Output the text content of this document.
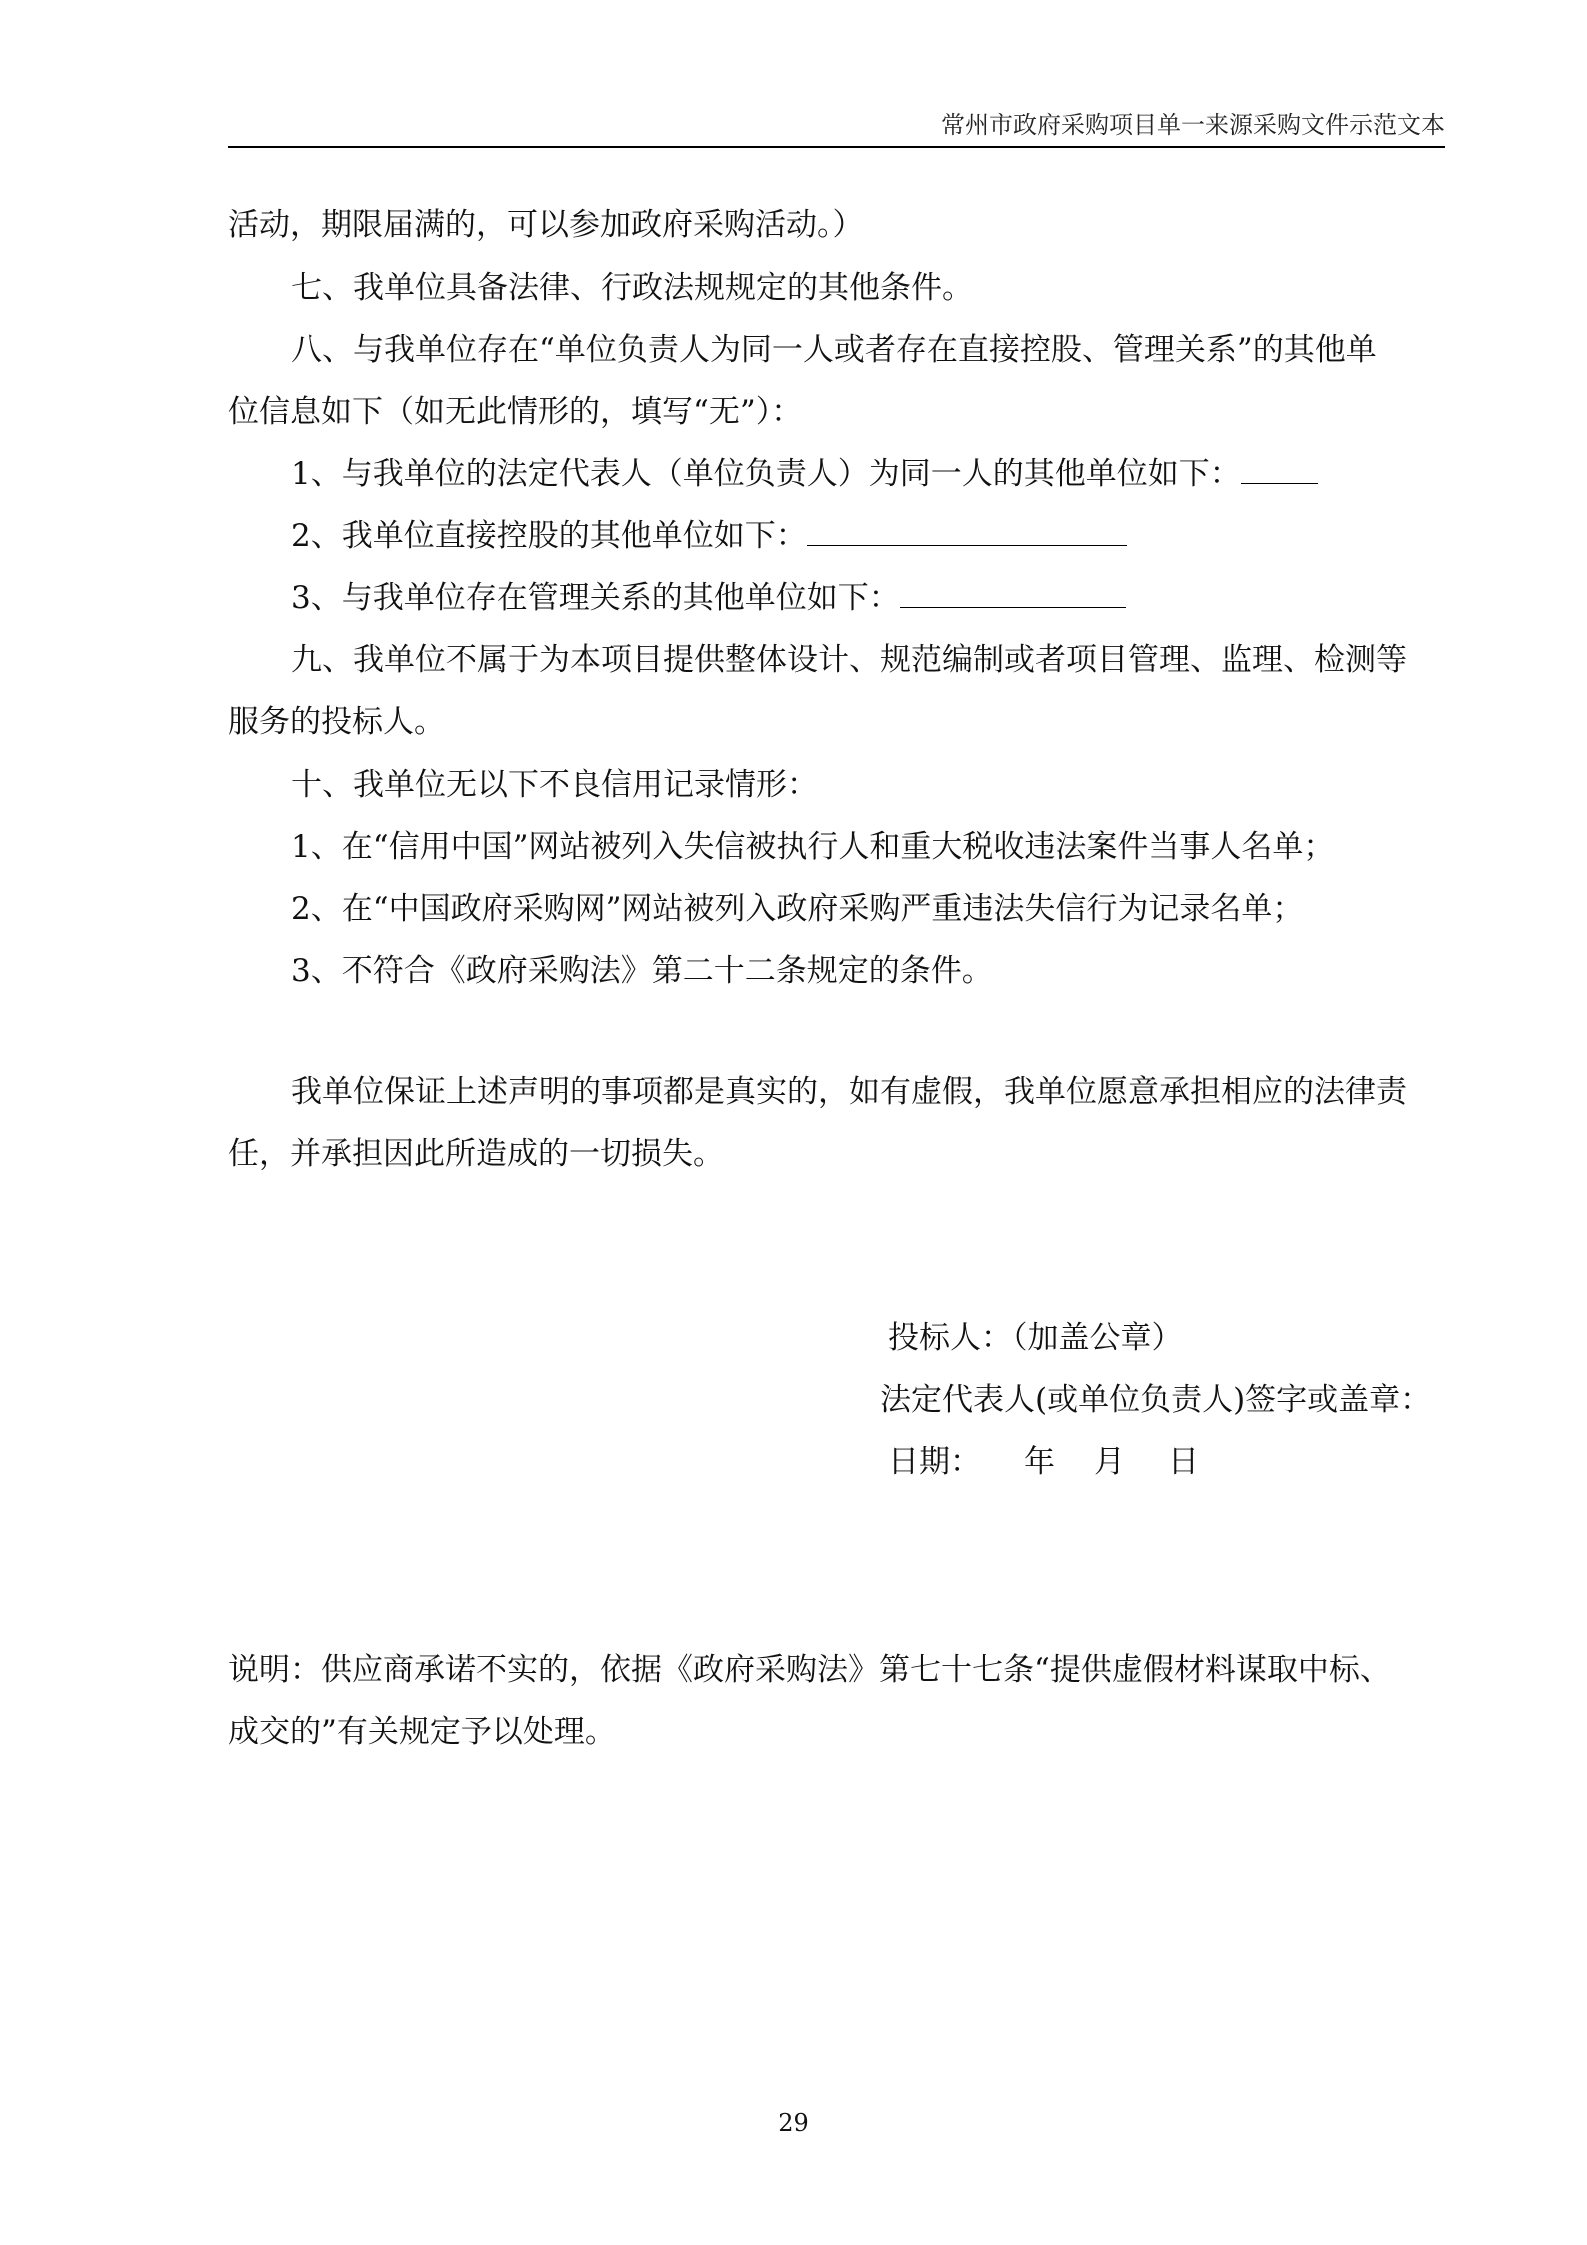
常州市政府采购项目单一来源采购文件示范文本
活动，期限届满的，可以参加政府采购活动。）
七、我单位具备法律、行政法规规定的其他条件。
八、与我单位存在“单位负责人为同一人或者存在直接控股、管理关系”的其他单
位信息如下（如无此情形的，填写“无”）：
1、与我单位的法定代表人（单位负责人）为同一人的其他单位如下：
2、我单位直接控股的其他单位如下：
3、与我单位存在管理关系的其他单位如下：
九、我单位不属于为本项目提供整体设计、规范编制或者项目管理、监理、检测等
服务的投标人。
十、我单位无以下不良信用记录情形：
1、在“信用中国”网站被列入失信被执行人和重大税收违法案件当事人名单；
2、在“中国政府采购网”网站被列入政府采购严重违法失信行为记录名单；
3、不符合《政府采购法》第二十二条规定的条件。
我单位保证上述声明的事项都是真实的，如有虚假，我单位愿意承担相应的法律责
任，并承担因此所造成的一切损失。
投标人：（加盖公章）
法定代表人(或单位负责人)签字或盖章：
日期： 年 月 日
说明：供应商承诺不实的，依据《政府采购法》第七十七条“提供虚假材料谋取中标、
成交的”有关规定予以处理。
29
